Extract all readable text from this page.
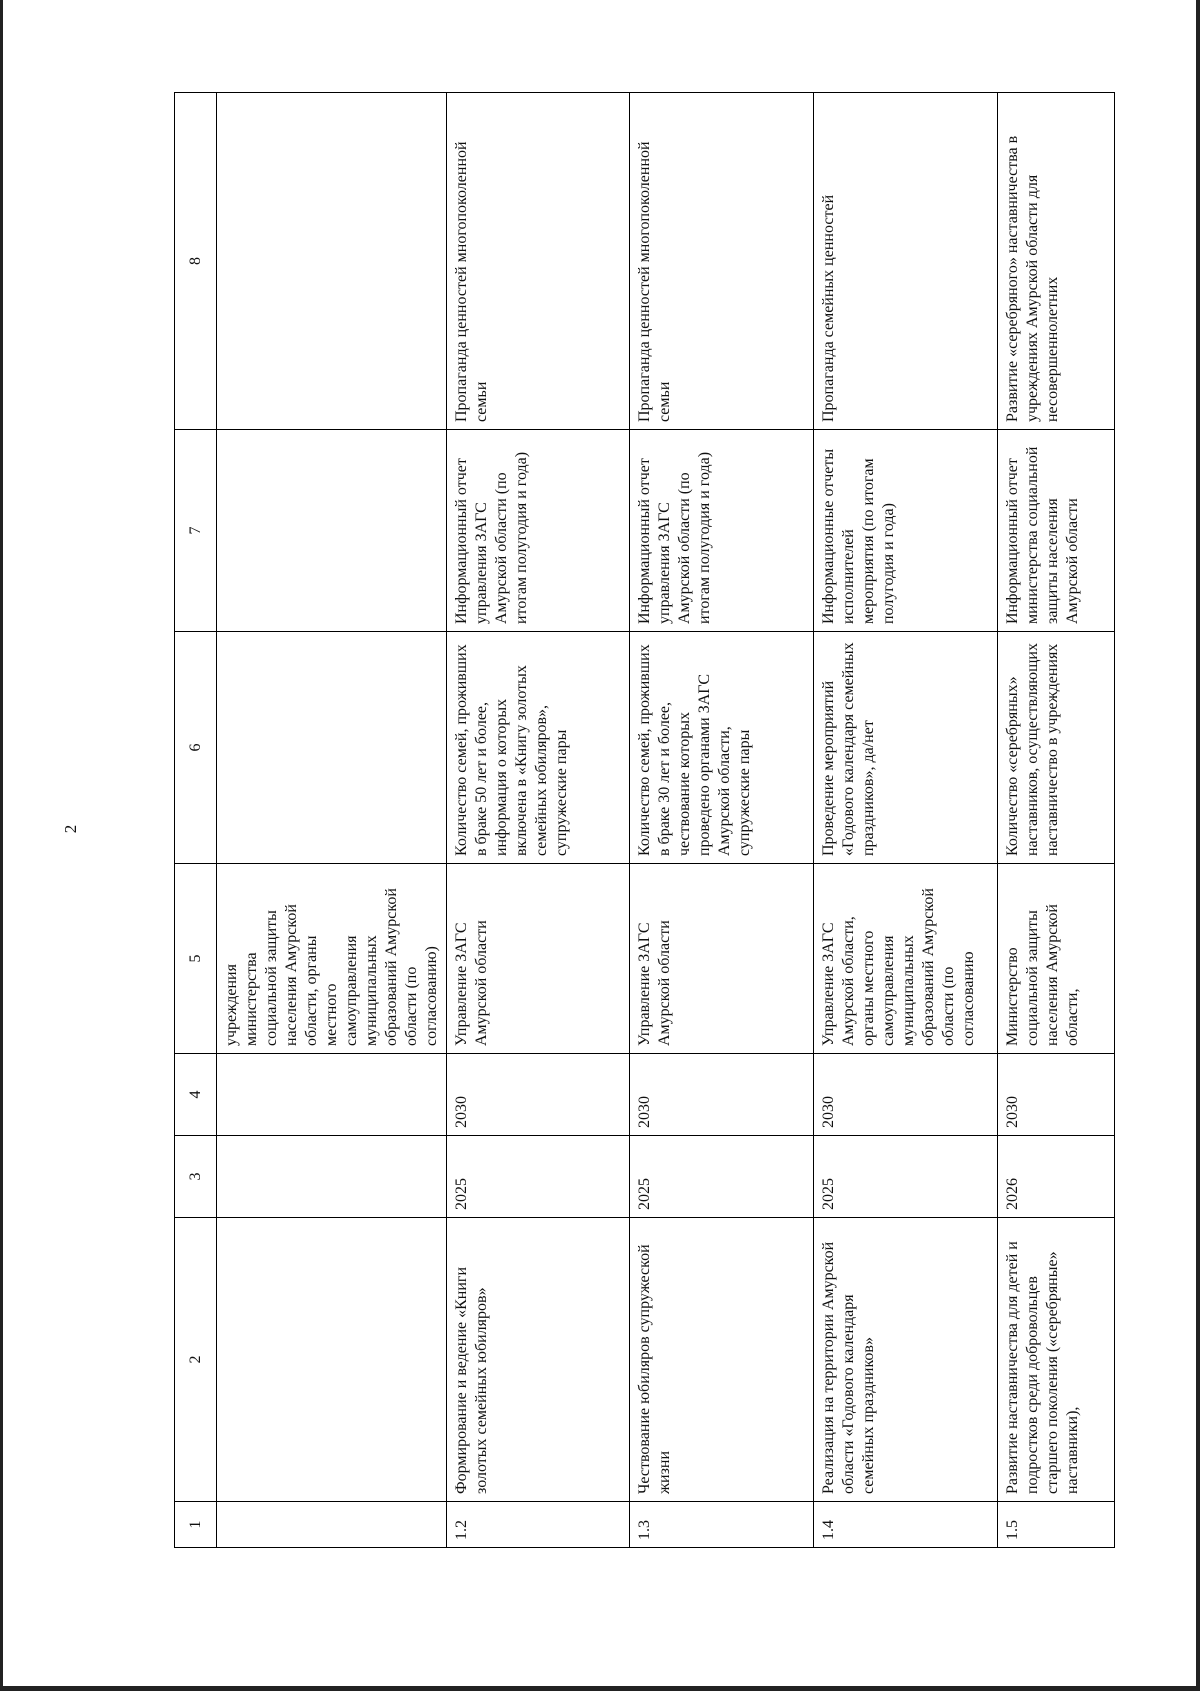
2
1	2	3	4	5	6	7	8
				учреждения министерства социальной защиты населения Амурской области, органы местного самоуправления муниципальных образований Амурской области (по согласованию)			
1.2	Формирование и ведение «Книги золотых семейных юбиляров»	2025	2030	Управление ЗАГС Амурской области	Количество семей, проживших в браке 50 лет и более, информация о которых включена в «Книгу золотых семейных юбиляров», супружеские пары	Информационный отчет управления ЗАГС Амурской области (по итогам полугодия и года)	Пропаганда ценностей многопоколенной семьи
1.3	Чествование юбиляров супружеской жизни	2025	2030	Управление ЗАГС Амурской области	Количество семей, проживших в браке 30 лет и более, чествование которых проведено органами ЗАГС Амурской области, супружеские пары	Информационный отчет управления ЗАГС Амурской области (по итогам полугодия и года)	Пропаганда ценностей многопоколенной семьи
1.4	Реализация на территории Амурской области «Годового календаря семейных праздников»	2025	2030	Управление ЗАГС Амурской области, органы местного самоуправления муниципальных образований Амурской области (по согласованию	Проведение мероприятий «Годового календаря семейных праздников», да/нет	Информационные отчеты исполнителей мероприятия (по итогам полугодия и года)	Пропаганда семейных ценностей
1.5	Развитие наставничества для детей и подростков среди добровольцев старшего поколения («серебряные» наставники),	2026	2030	Министерство социальной защиты населения Амурской области,	Количество «серебряных» наставников, осуществляющих наставничество в учреждениях	Информационный отчет министерства социальной защиты населения Амурской области	Развитие «серебряного» наставничества в учреждениях Амурской области для несовершеннолетних
